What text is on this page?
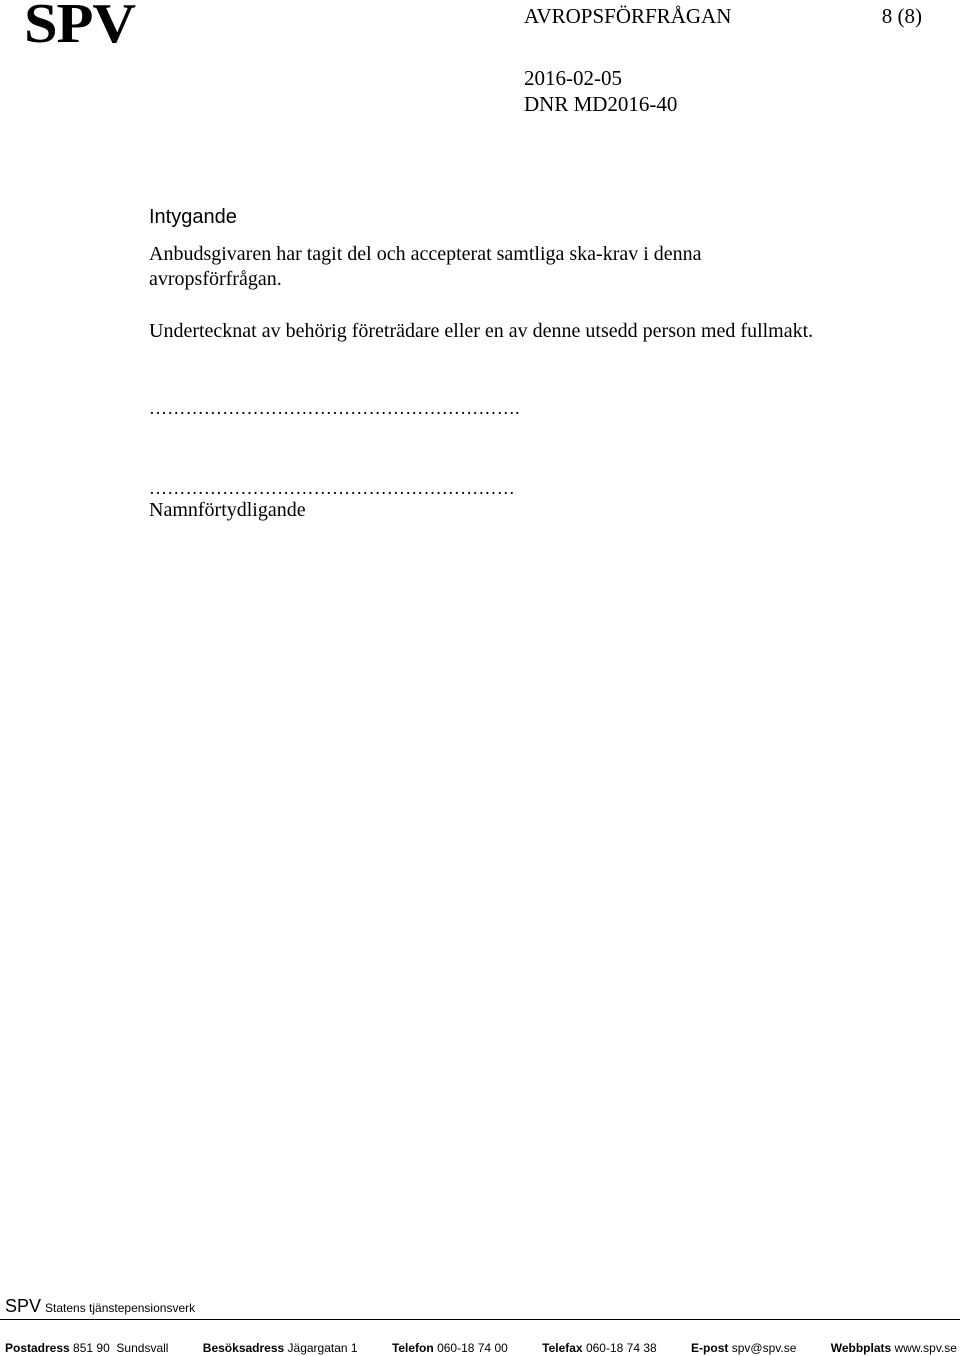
SPV	AVROPSFÖRFRÅGAN	8 (8)
2016-02-05
DNR MD2016-40
Intygande
Anbudsgivaren har tagit del och accepterat samtliga ska-krav i denna avropsförfrågan.
Undertecknat av behörig företrädare eller en av denne utsedd person med fullmakt.
…………………………………………………….
……………………………………………………
Namnförtydligande
SPV Statens tjänstepensionsverk
Postadress 851 90  Sundsvall	Besöksadress Jägargatan 1	Telefon 060-18 74 00	Telefax 060-18 74 38	E-post spv@spv.se	Webbplats www.spv.se
